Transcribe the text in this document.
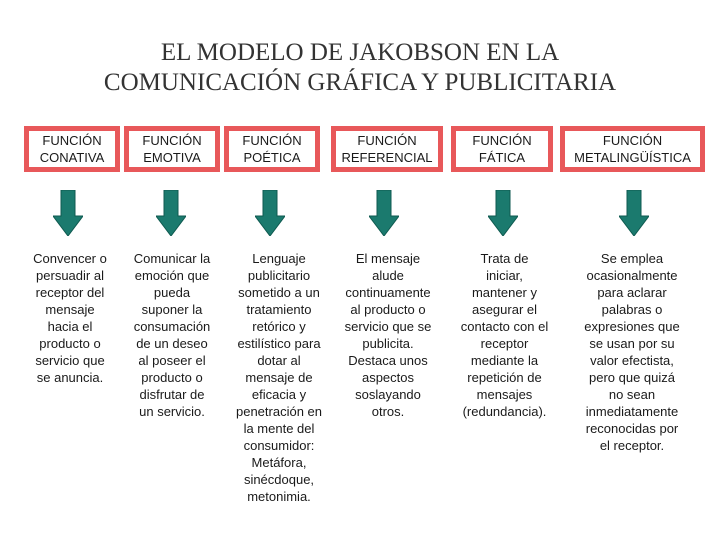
EL MODELO DE JAKOBSON EN LA
COMUNICACIÓN GRÁFICA Y PUBLICITARIA
FUNCIÓN
CONATIVA
Convencer o
persuadir al
receptor del
mensaje
hacia el
producto o
servicio que
se anuncia.
FUNCIÓN
EMOTIVA
Comunicar la
emoción que
pueda
suponer la
consumación
de un deseo
al poseer el
producto o
disfrutar de
un servicio.
FUNCIÓN
POÉTICA
Lenguaje
publicitario
sometido a un
tratamiento
retórico y
estilístico para
dotar al
mensaje de
eficacia y
penetración en
la mente del
consumidor:
Metáfora,
sinécdoque,
metonimia.
FUNCIÓN
REFERENCIAL
El mensaje
alude
continuamente
al producto o
servicio que se
publicita.
Destaca unos
aspectos
soslayando
otros.
FUNCIÓN
FÁTICA
Trata de
iniciar,
mantener y
asegurar el
contacto con el
receptor
mediante la
repetición de
mensajes
(redundancia).
FUNCIÓN
METALINGÜÍSTICA
Se emplea
ocasionalmente
para aclarar
palabras o
expresiones que
se usan por su
valor efectista,
pero que quizá
no sean
inmediatamente
reconocidas por
el receptor.
